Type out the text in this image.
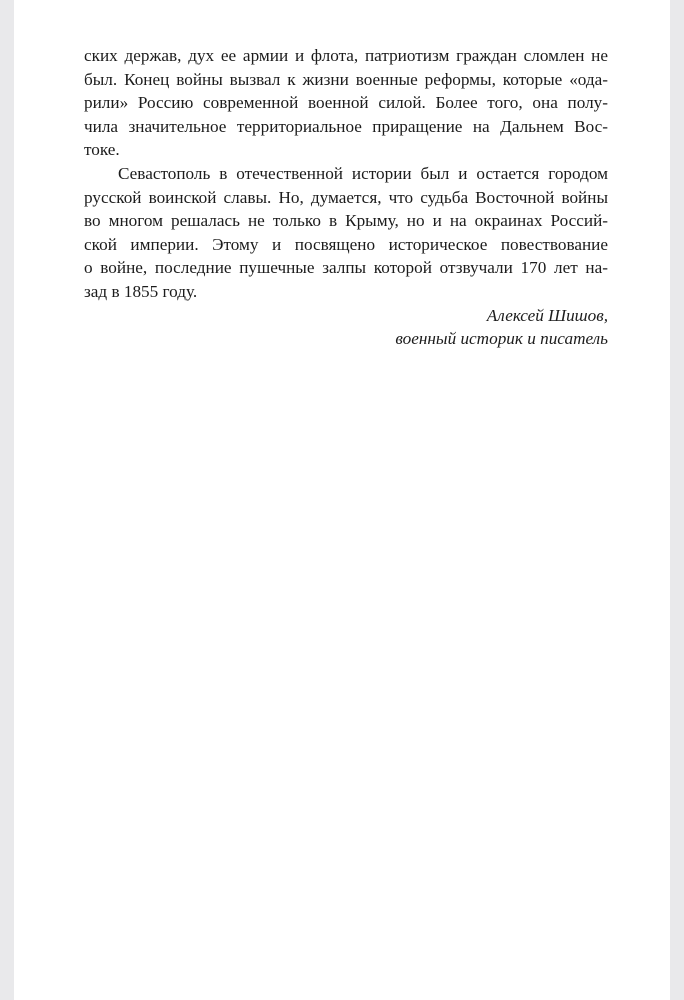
ских держав, дух ее армии и флота, патриотизм граждан сломлен не
был. Конец войны вызвал к жизни военные реформы, которые «ода-
рили» Россию современной военной силой. Более того, она полу-
чила значительное территориальное приращение на Дальнем Вос-
токе.
Севастополь в отечественной истории был и остается городом
русской воинской славы. Но, думается, что судьба Восточной войны
во многом решалась не только в Крыму, но и на окраинах Россий-
ской империи. Этому и посвящено историческое повествование
о войне, последние пушечные залпы которой отзвучали 170 лет на-
зад в 1855 году.
Алексей Шишов,
военный историк и писатель
